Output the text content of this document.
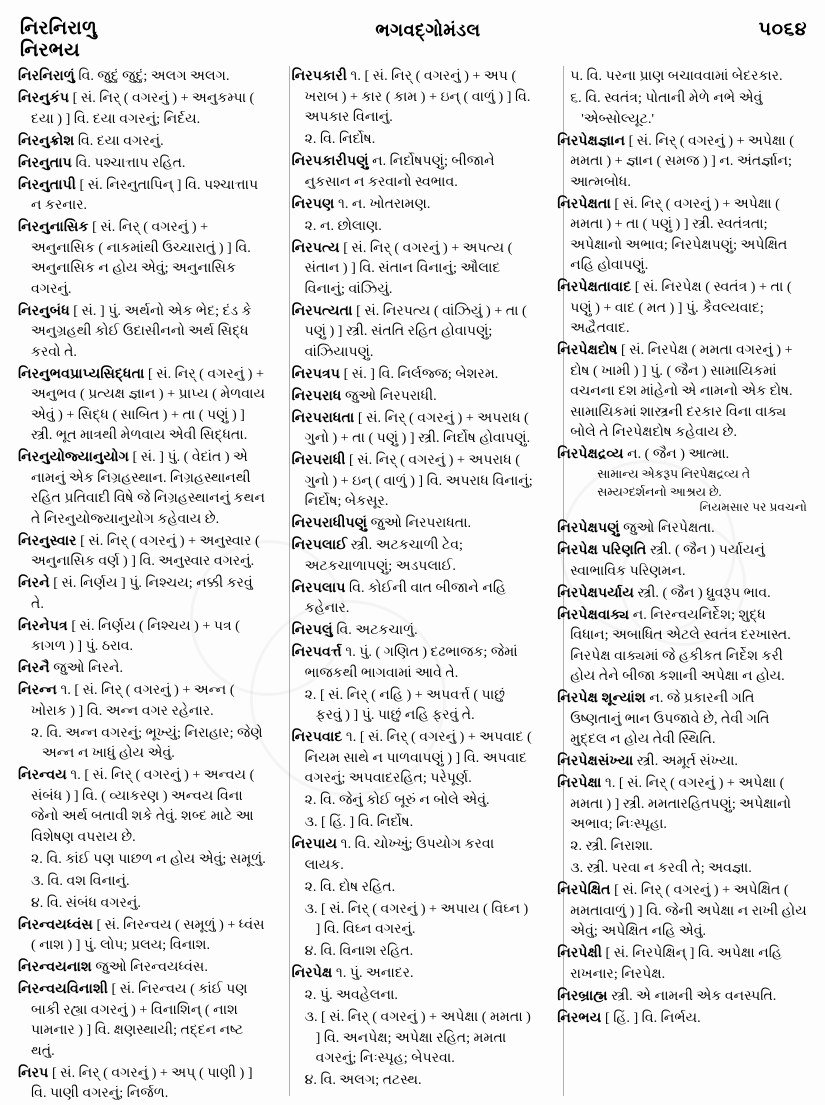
નિરનિરાળુ
નિરભય
ભગવદ્ગોમંડલ	૫૦૬૪

નિરનિરાળું વિ. જુદું જુદું; અલગ અલગ.

નિરનુકંપ [ સં. નિર્ ( વગરનું ) + અનુકમ્પા ( દયા ) ] વિ. દયા વગરનું; નિર્દય.

નિરનુક્રોશ વિ. દયા વગરનું.

નિરનુતાપ વિ. પશ્ચાત્તાપ રહિત.

નિરનુતાપી [ સં. નિરનુતાપિન્ ] વિ. પશ્ચાત્તાપ ન કરનાર.

નિરનુનાસિક [ સં. નિર્ ( વગરનું ) + અનુનાસિક ( નાકમાંથી ઉચ્ચારાતું ) ] વિ. અનુનાસિક ન હોય એવું; અનુનાસિક વગરનું.

નિરનુબંધ [ સં. ] પું. અર્થનો એક ભેદ; દંડ કે અનુગ્રહથી કોઈ ઉદાસીનનો અર્થ સિદ્ધ કરવો તે.

નિરનુભવપ્રાપ્યસિદ્ધતા [ સં. નિર્ ( વગરનું ) + અનુભવ ( પ્રત્યક્ષ જ્ઞાન ) + પ્રાપ્ય ( મેળવાય એવું ) + સિદ્ધ ( સાબિત ) + તા ( પણું ) ] સ્ત્રી. ભૂત માત્રથી મેળવાય એવી સિદ્ધતા.

નિરનુયોજ્યાનુયોગ [ સં. ] પું. ( વેદાંત ) એ નામનું એક નિગ્રહસ્થાન. નિગ્રહસ્થાનથી રહિત પ્રતિવાદી વિષે જે નિગ્રહસ્થાનનું કથન તે નિરનુયોજ્યાનુયોગ કહેવાય છે.

નિરનુસ્વાર [ સં. નિર્ ( વગરનું ) + અનુસ્વાર ( અનુનાસિક વર્ણ ) ] વિ. અનુસ્વાર વગરનું.

નિરને [ સં. નિર્ણય ] પું. નિશ્ચય; નક્કી કરવું તે.

નિરનેપત્ર [ સં. નિર્ણય ( નિશ્ચય ) + પત્ર ( કાગળ ) ] પું. ઠરાવ.

નિરનૈ જુઓ નિરને.

નિરન્ન ૧. [ સં. નિર્ ( વગરનું ) + અન્ન ( ખોરાક ) ] વિ. અન્ન વગર રહેનાર.

૨. વિ. અન્ન વગરનું; ભૂખ્યું; નિરાહાર; જેણે અન્ન ન ખાધું હોય એવું.

નિરન્વય ૧. [ સં. નિર્ ( વગરનું ) + અન્વય ( સંબંધ ) ] વિ. ( વ્યાકરણ ) અન્વય વિના જેનો અર્થ બતાવી શકે તેવું. શબ્દ માટે આ વિશેષણ વપરાય છે.

૨. વિ. કાંઈ પણ પાછળ ન હોય એવું; સમૂળું.

૩. વિ. વશ વિનાનું.

૪. વિ. સંબંધ વગરનું.

નિરન્વયધ્વંસ [ સં. નિરન્વય ( સમૂળું ) + ધ્વંસ ( નાશ ) ] પું. લોપ; પ્રલય; વિનાશ.

નિરન્વયનાશ જુઓ નિરન્વયધ્વંસ.

નિરન્વયવિનાશી [ સં. નિરન્વય ( કાંઈ પણ બાકી રહ્યા વગરનું ) + વિનાશિન્ ( નાશ પામનાર ) ] વિ. ક્ષણસ્થાયી; તદ્દન નષ્ટ થતું.

નિરપ [ સં. નિર્ ( વગરનું ) + અપ્ ( પાણી ) ] વિ. પાણી વગરનું; નિર્જળ.

નિરપકારી ૧. [ સં. નિર્ ( વગરનું ) + અપ ( ખરાબ ) + કાર ( કામ ) + ઇન્ ( વાળું ) ] વિ. અપકાર વિનાનું.

૨. વિ. નિર્દોષ.

નિરપકારીપણું ન. નિર્દોષપણું; બીજાને નુકસાન ન કરવાનો સ્વભાવ.

નિરપણ ૧. ન. ખોતરામણ.

૨. ન. છોલાણ.

નિરપત્ય [ સં. નિર્ ( વગરનું ) + અપત્ય ( સંતાન ) ] વિ. સંતાન વિનાનું; ઔલાદ વિનાનું; વાંઝિયું.

નિરપત્યતા [ સં. નિરપત્ય ( વાંઝિયું ) + તા ( પણું ) ] સ્ત્રી. સંતતિ રહિત હોવાપણું; વાંઝિયાપણું.

નિરપત્રપ [ સં. ] વિ. નિર્લજ્જ; બેશરમ.

નિરપરાધ જુઓ નિરપરાધી.

નિરપરાધતા [ સં. નિર્ ( વગરનું ) + અપરાધ ( ગુનો ) + તા ( પણું ) ] સ્ત્રી. નિર્દોષ હોવાપણું.

નિરપરાધી [ સં. નિર્ ( વગરનું ) + અપરાધ ( ગુનો ) + ઇન્ ( વાળું ) ] વિ. અપરાધ વિનાનું; નિર્દોષ; બેકસૂર.

નિરપરાધીપણું જુઓ નિરપરાધતા.

નિરપલાઈ સ્ત્રી. અટકચાળી ટેવ; અટકચાળાપણું; અડપલાઈ.

નિરપલાપ વિ. કોઈની વાત બીજાને નહિ કહેનાર.

નિરપલું વિ. અટકચાળું.

નિરપવર્ત્ત ૧. પું. ( ગણિત ) દઢભાજક; જેમાં ભાજકથી ભાગવામાં આવે તે.

૨. [ સં. નિર્ ( નહિ ) + અપવર્ત્ત ( પાછું ફરવું ) ] પું. પાછું નહિ ફરવું તે.

નિરપવાદ ૧. [ સં. નિર્ ( વગરનું ) + અપવાદ ( નિયમ સાથે ન પાળવાપણું ) ] વિ. અપવાદ વગરનું; અપવાદરહિત; પરેપૂર્ણ.

૨. વિ. જેનું કોઈ બૂરું ન બોલે એવું.

૩. [ હિં. ] વિ. નિર્દોષ.

નિરપાય ૧. વિ. ચોખ્ખું; ઉપયોગ કરવા લાયક.

૨. વિ. દોષ રહિત.

૩. [ સં. નિર્ ( વગરનું ) + અપાય ( વિઘ્ન ) ] વિ. વિઘ્ન વગરનું.

૪. વિ. વિનાશ રહિત.

નિરપેક્ષ ૧. પું. અનાદર.

૨. પું. અવહેલના.

૩. [ સં. નિર્ ( વગરનું ) + અપેક્ષા ( મમતા ) ] વિ. અનપેક્ષ; અપેક્ષા રહિત; મમતા વગરનું; નિઃસ્પૃહ; બેપરવા.

૪. વિ. અલગ; તટસ્થ.

૫. વિ. પરના પ્રાણ બચાવવામાં બેદરકાર.

૬. વિ. સ્વતંત્ર; પોતાની મેળે નભે એવું 'એબ્સોલ્યૂટ.'

નિરપેક્ષજ્ઞાન [ સં. નિર્ ( વગરનું ) + અપેક્ષા ( મમતા ) + જ્ઞાન ( સમજ ) ] ન. અંતર્જ્ઞાન; આત્મબોધ.

નિરપેક્ષતા [ સં. નિર્ ( વગરનું ) + અપેક્ષા ( મમતા ) + તા ( પણું ) ] સ્ત્રી. સ્વતંત્રતા; અપેક્ષાનો અભાવ; નિરપેક્ષપણું; અપેક્ષિત નહિ હોવાપણું.

નિરપેક્ષતાવાદ [ સં. નિરપેક્ષ ( સ્વતંત્ર ) + તા ( પણું ) + વાદ ( મત ) ] પું. કૈવલ્યવાદ; અદ્વૈતવાદ.

નિરપેક્ષદોષ [ સં. નિરપેક્ષ ( મમતા વગરનું ) + દોષ ( ખામી ) ] પું. ( જૈન ) સામાયિકમાં વચનના દશ માંહેનો એ નામનો એક દોષ. સામાયિકમાં શાસ્ત્રની દરકાર વિના વાક્ય બોલે તે નિરપેક્ષદોષ કહેવાય છે.

નિરપેક્ષદ્રવ્ય ન. ( જૈન ) આત્મા.

સામાન્ય એકરૂપ નિરપેક્ષદ્રવ્ય તે સમ્યગ્દર્શનનો આશ્રય છે.
નિયમસાર પર પ્રવચનો

નિરપેક્ષપણું જુઓ નિરપેક્ષતા.

નિરપેક્ષ પરિણતિ સ્ત્રી. ( જૈન ) પર્યાયનું સ્વાભાવિક પરિણમન.

નિરપેક્ષપર્યાય સ્ત્રી. ( જૈન ) ધ્રુવરૂપ ભાવ.

નિરપેક્ષવાક્ય ન. નિરન્વયનિર્દેશ; શુદ્ધ વિધાન; અબાધિત એટલે સ્વતંત્ર દરખાસ્ત. નિરપેક્ષ વાક્યમાં જે હકીકત નિર્દેશ કરી હોય તેને બીજા કશાની અપેક્ષા ન હોય.

નિરપેક્ષ શૂન્યાંશ ન. જે પ્રકારની ગતિ ઉષ્ણતાનું ભાન ઉપજાવે છે, તેવી ગતિ મુદ્દલ ન હોય તેવી સ્થિતિ.

નિરપેક્ષસંખ્યા સ્ત્રી. અમૂર્ત સંખ્યા.

નિરપેક્ષા ૧. [ સં. નિર્ ( વગરનું ) + અપેક્ષા ( મમતા ) ] સ્ત્રી. મમતારહિતપણું; અપેક્ષાનો અભાવ; નિઃસ્પૃહા.

૨. સ્ત્રી. નિરાશા.

૩. સ્ત્રી. પરવા ન કરવી તે; અવજ્ઞા.

નિરપેક્ષિત [ સં. નિર્ ( વગરનું ) + અપેક્ષિત ( મમતાવાળું ) ] વિ. જેની અપેક્ષા ન રાખી હોય એવું; અપેક્ષિત નહિ એવું.

નિરપેક્ષી [ સં. નિરપેક્ષિન્ ] વિ. અપેક્ષા નહિ રાખનાર; નિરપેક્ષ.

નિરબ્રાહ્મ સ્ત્રી. એ નામની એક વનસ્પતિ.

નિરભય [ હિં. ] વિ. નિર્ભય.
